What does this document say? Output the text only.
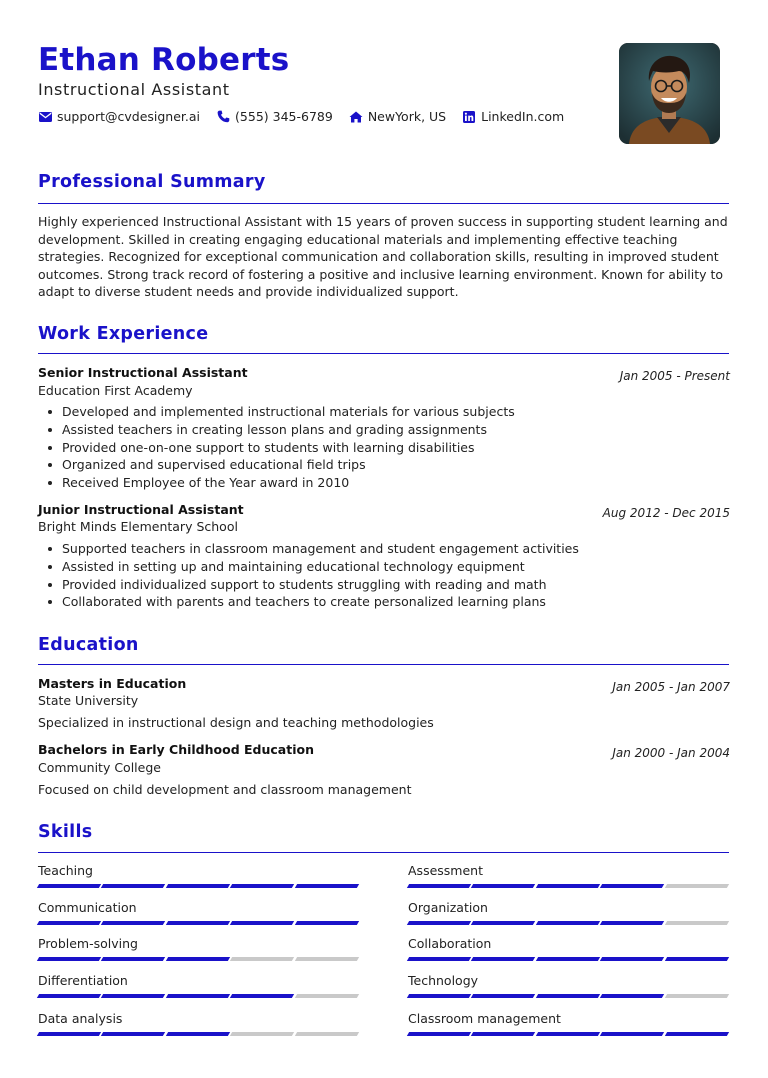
Ethan Roberts
Instructional Assistant
support@cvdesigner.ai	(555) 345-6789	NewYork, US	LinkedIn.com
Professional Summary
Highly experienced Instructional Assistant with 15 years of proven success in supporting student learning and development. Skilled in creating engaging educational materials and implementing effective teaching strategies. Recognized for exceptional communication and collaboration skills, resulting in improved student outcomes. Strong track record of fostering a positive and inclusive learning environment. Known for ability to adapt to diverse student needs and provide individualized support.
Work Experience
Senior Instructional Assistant	Jan 2005 - Present
Education First Academy
Developed and implemented instructional materials for various subjects
Assisted teachers in creating lesson plans and grading assignments
Provided one-on-one support to students with learning disabilities
Organized and supervised educational field trips
Received Employee of the Year award in 2010
Junior Instructional Assistant	Aug 2012 - Dec 2015
Bright Minds Elementary School
Supported teachers in classroom management and student engagement activities
Assisted in setting up and maintaining educational technology equipment
Provided individualized support to students struggling with reading and math
Collaborated with parents and teachers to create personalized learning plans
Education
Masters in Education	Jan 2005 - Jan 2007
State University
Specialized in instructional design and teaching methodologies
Bachelors in Early Childhood Education	Jan 2000 - Jan 2004
Community College
Focused on child development and classroom management
Skills
Teaching	Assessment
Communication	Organization
Problem-solving	Collaboration
Differentiation	Technology
Data analysis	Classroom management
